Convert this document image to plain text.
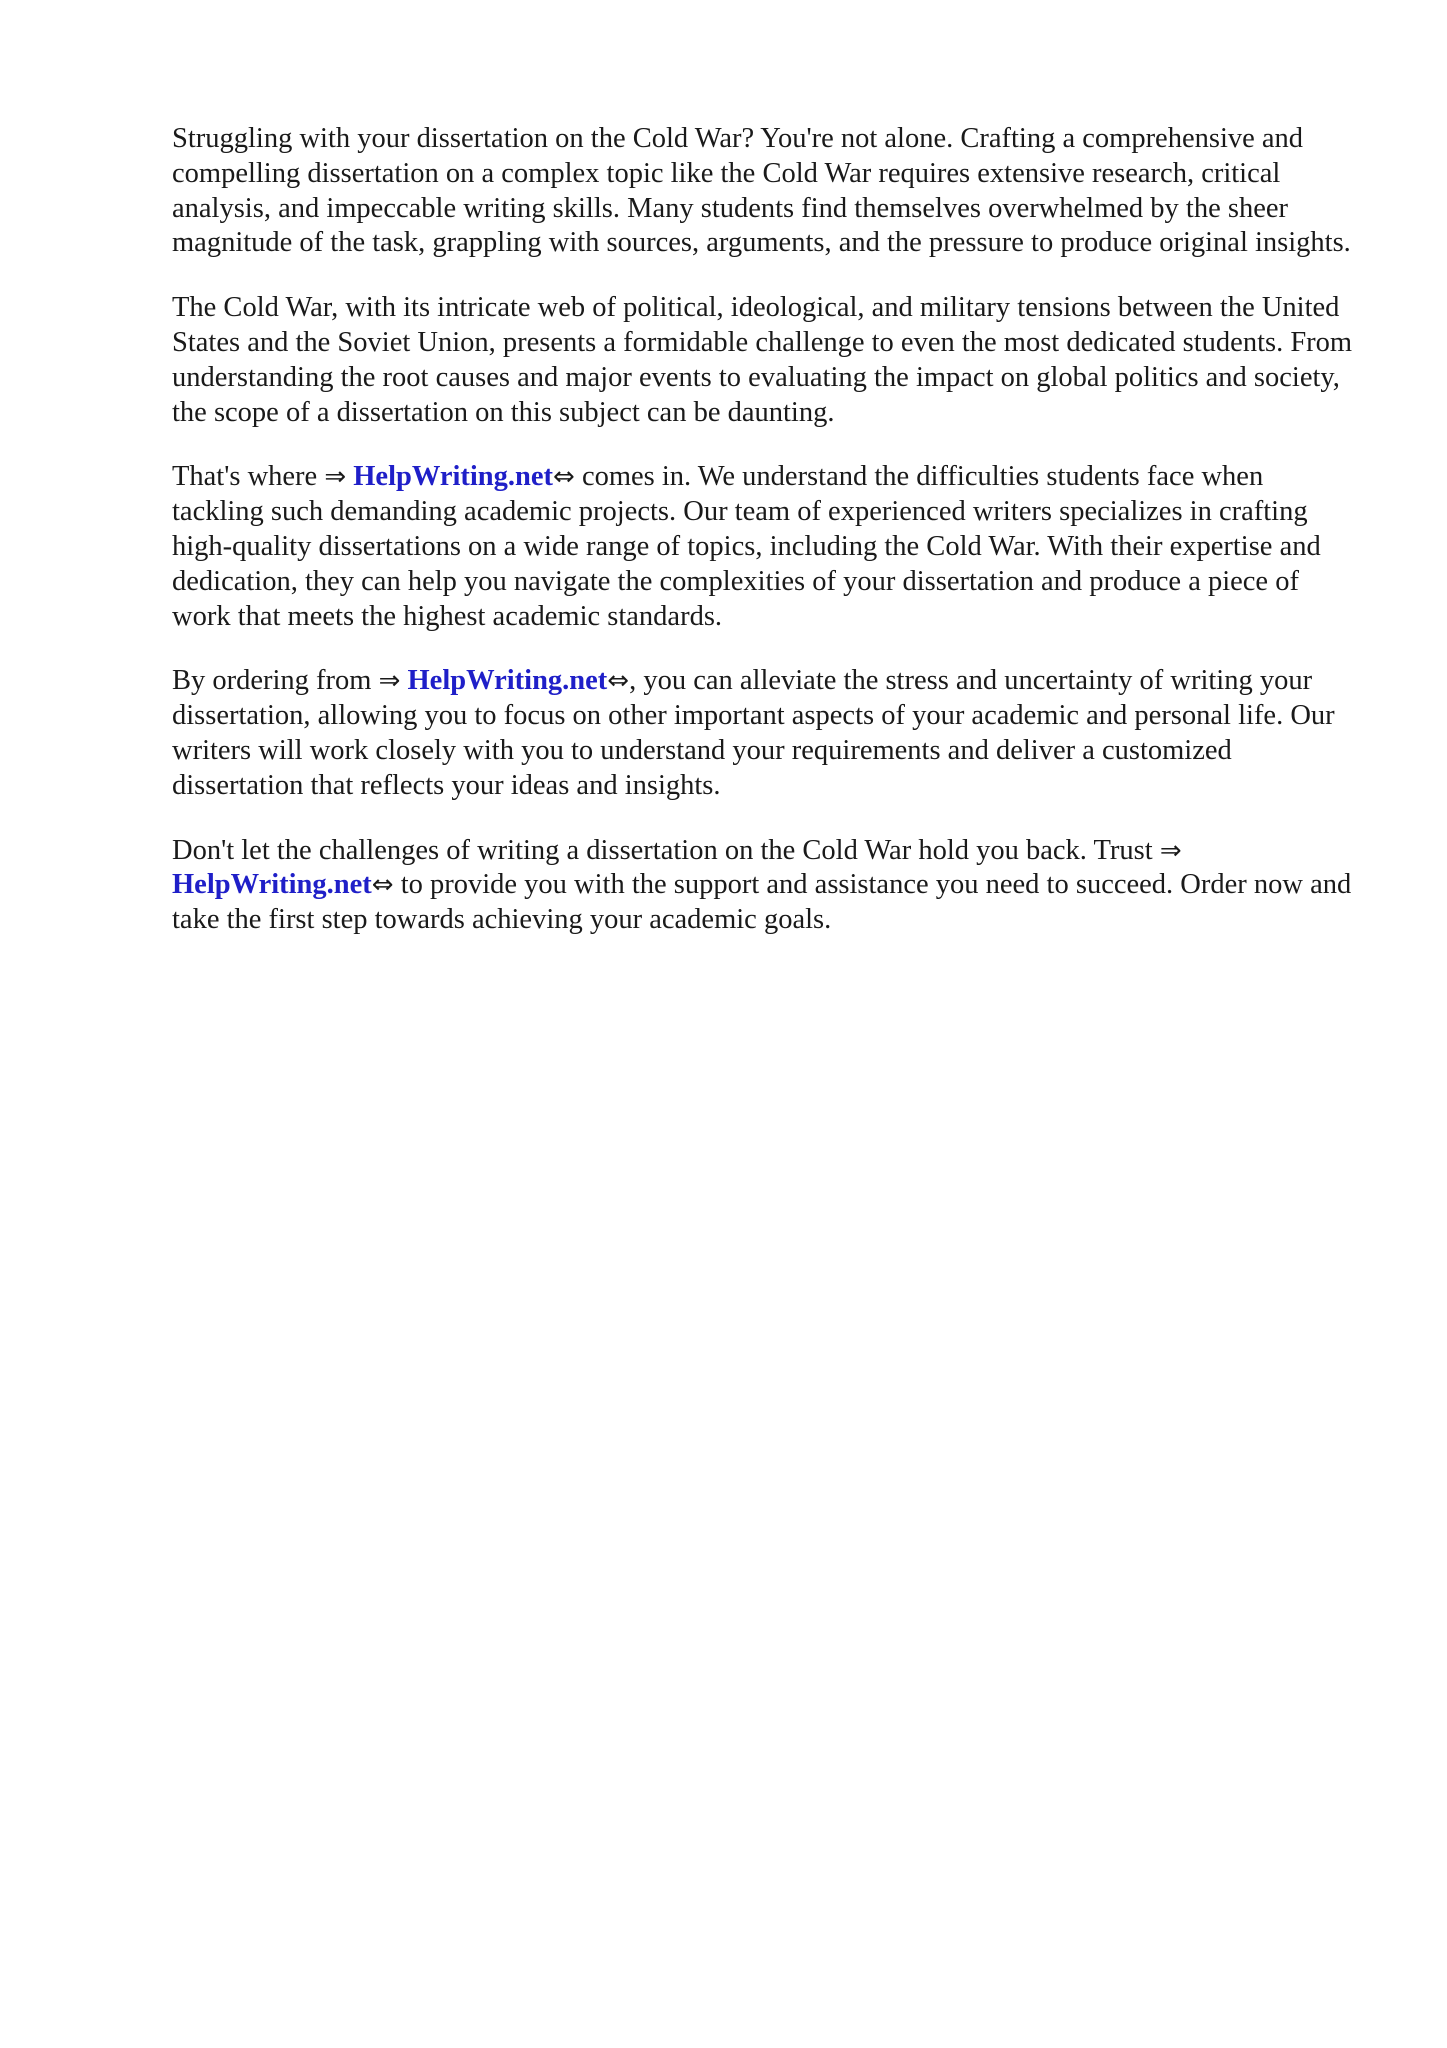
Struggling with your dissertation on the Cold War? You're not alone. Crafting a comprehensive and compelling dissertation on a complex topic like the Cold War requires extensive research, critical analysis, and impeccable writing skills. Many students find themselves overwhelmed by the sheer magnitude of the task, grappling with sources, arguments, and the pressure to produce original insights.

The Cold War, with its intricate web of political, ideological, and military tensions between the United States and the Soviet Union, presents a formidable challenge to even the most dedicated students. From understanding the root causes and major events to evaluating the impact on global politics and society, the scope of a dissertation on this subject can be daunting.

That's where ⇒ HelpWriting.net⇔ comes in. We understand the difficulties students face when tackling such demanding academic projects. Our team of experienced writers specializes in crafting high-quality dissertations on a wide range of topics, including the Cold War. With their expertise and dedication, they can help you navigate the complexities of your dissertation and produce a piece of work that meets the highest academic standards.

By ordering from ⇒ HelpWriting.net⇔, you can alleviate the stress and uncertainty of writing your dissertation, allowing you to focus on other important aspects of your academic and personal life. Our writers will work closely with you to understand your requirements and deliver a customized dissertation that reflects your ideas and insights.

Don't let the challenges of writing a dissertation on the Cold War hold you back. Trust ⇒ HelpWriting.net⇔ to provide you with the support and assistance you need to succeed. Order now and take the first step towards achieving your academic goals.
